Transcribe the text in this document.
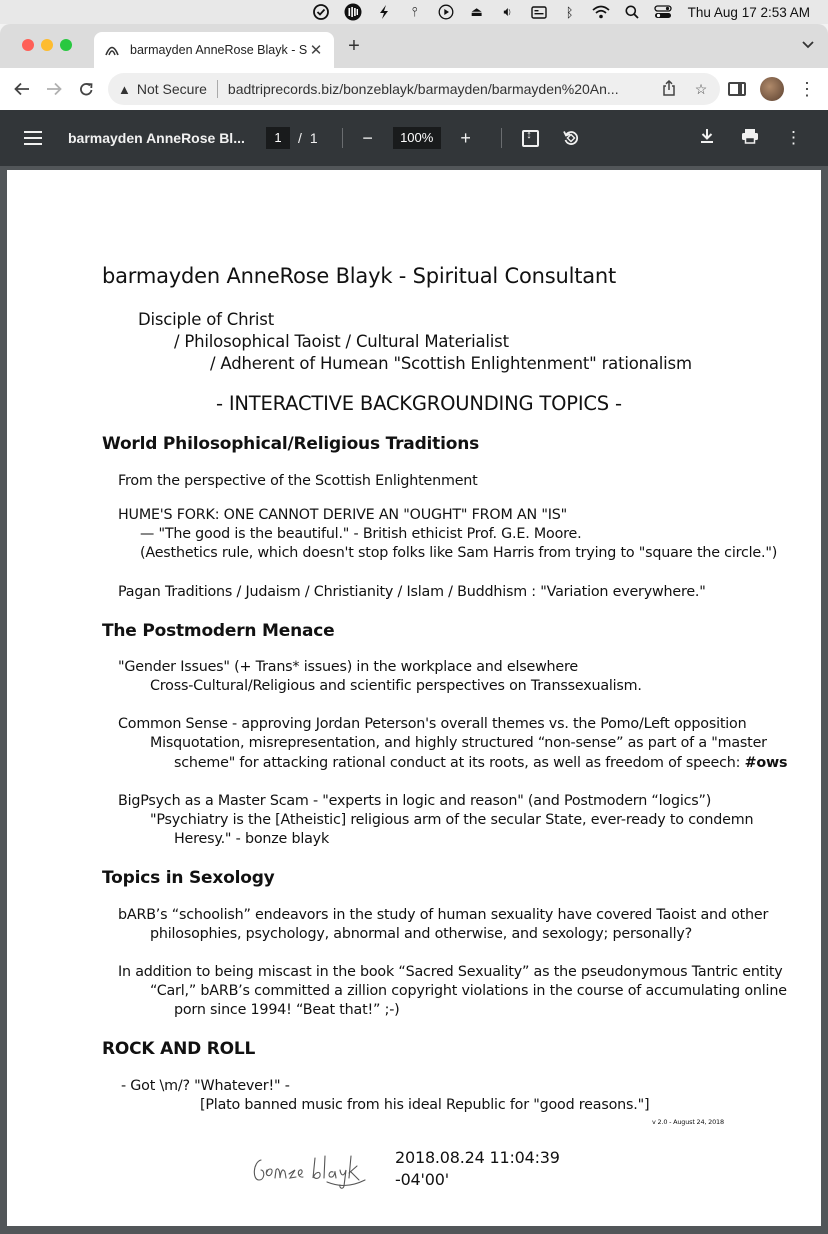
⫯	⏏	🔉︎	ᛒ	Thu Aug 17 2:53 AM
barmayden AnneRose Blayk - S ✕ +
▲ Not Secure badtriprecords.biz/bonzeblayk/barmayden/barmayden%20An...	☆	⋮
barmayden AnneRose Bl...	1	/ 1	−	100%	+
↕	⋮
barmayden AnneRose Blayk - Spiritual Consultant
Disciple of Christ
/ Philosophical Taoist / Cultural Materialist
/ Adherent of Humean "Scottish Enlightenment" rationalism
- INTERACTIVE BACKGROUNDING TOPICS -
World Philosophical/Religious Traditions
From the perspective of the Scottish Enlightenment
HUME'S FORK: ONE CANNOT DERIVE AN "OUGHT" FROM AN "IS"
— "The good is the beautiful." - British ethicist Prof. G.E. Moore.
(Aesthetics rule, which doesn't stop folks like Sam Harris from trying to "square the circle.")
Pagan Traditions / Judaism / Christianity / Islam / Buddhism : "Variation everywhere."
The Postmodern Menace
"Gender Issues" (+ Trans* issues) in the workplace and elsewhere
Cross-Cultural/Religious and scientific perspectives on Transsexualism.
Common Sense - approving Jordan Peterson's overall themes vs. the Pomo/Left opposition
Misquotation, misrepresentation, and highly structured “non-sense” as part of a "master
scheme" for attacking rational conduct at its roots, as well as freedom of speech: #ows
BigPsych as a Master Scam - "experts in logic and reason" (and Postmodern “logics”)
"Psychiatry is the [Atheistic] religious arm of the secular State, ever-ready to condemn
Heresy." - bonze blayk
Topics in Sexology
bARB’s “schoolish” endeavors in the study of human sexuality have covered Taoist and other
philosophies, psychology, abnormal and otherwise, and sexology; personally?
In addition to being miscast in the book “Sacred Sexuality” as the pseudonymous Tantric entity
“Carl,” bARB’s committed a zillion copyright violations in the course of accumulating online
porn since 1994! “Beat that!” ;-)
ROCK AND ROLL
- Got \m/? "Whatever!" -
[Plato banned music from his ideal Republic for "good reasons."]
v 2.0 - August 24, 2018
2018.08.24 11:04:39
-04'00'
